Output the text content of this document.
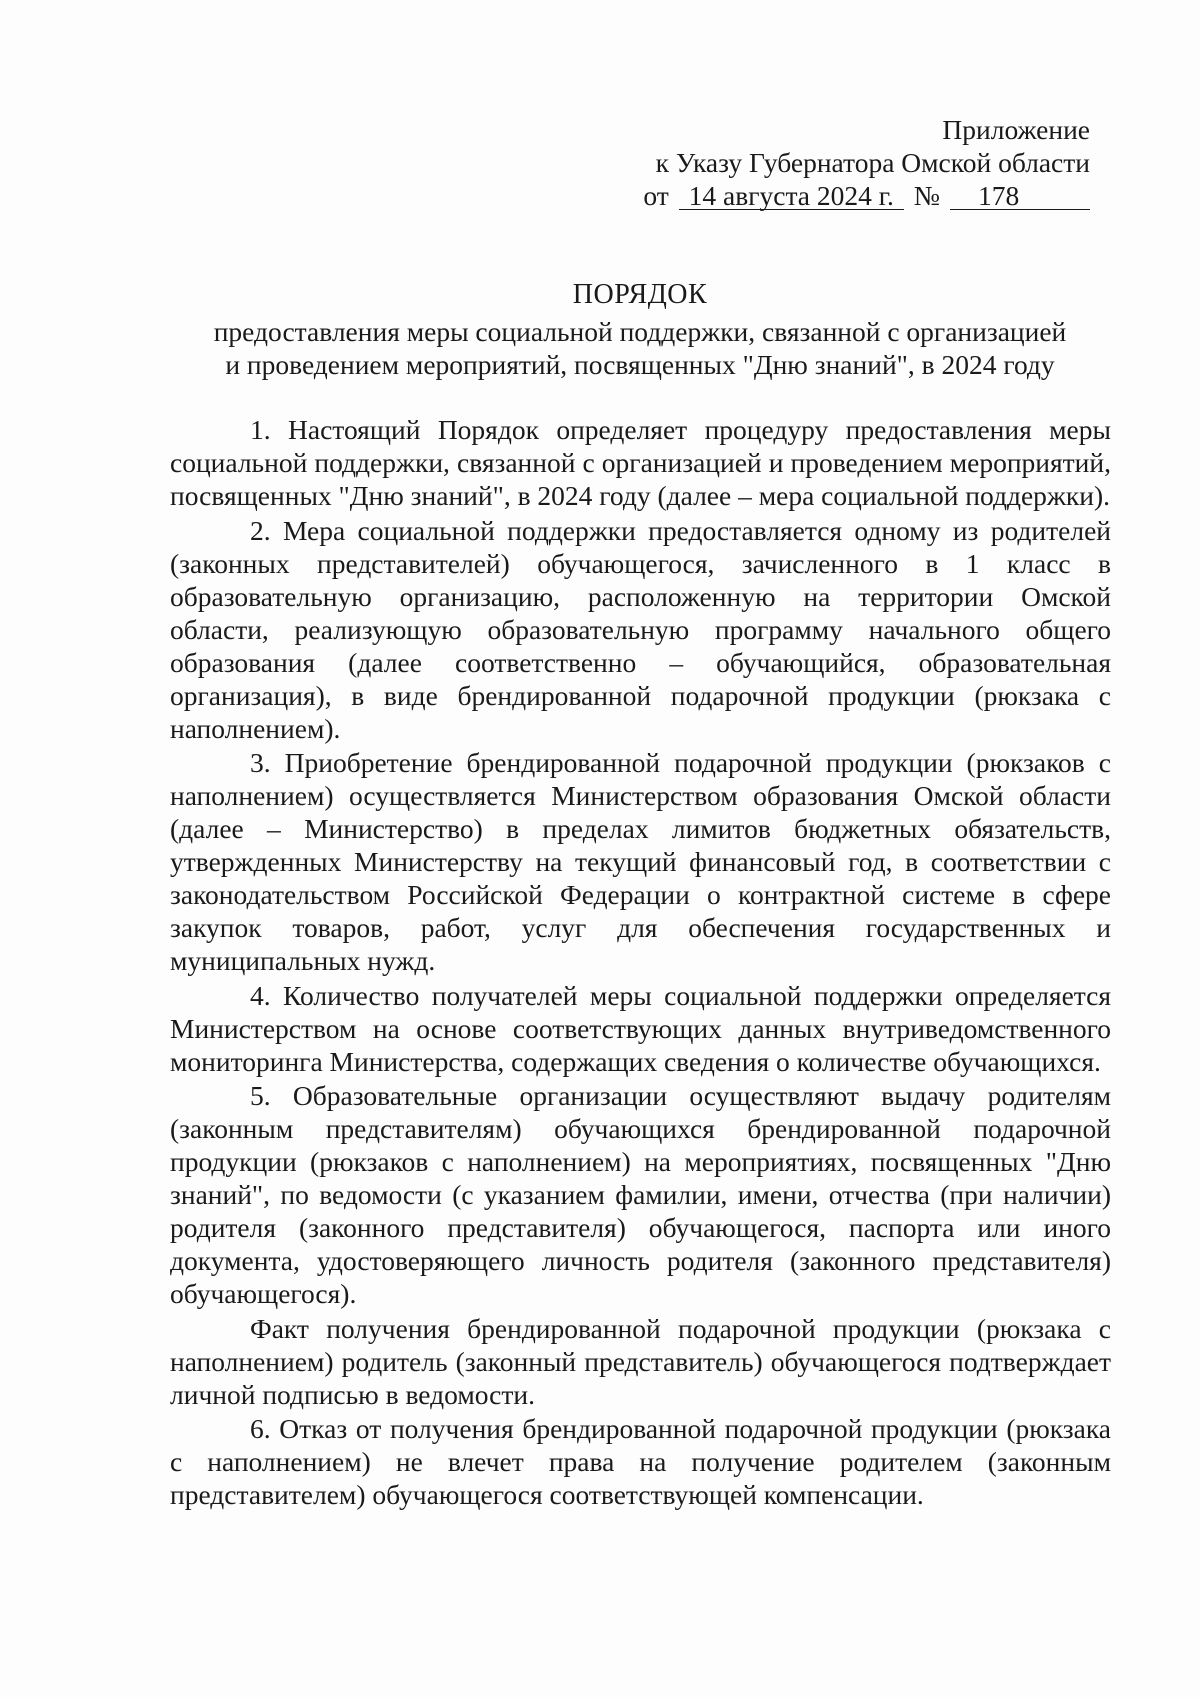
Приложение
к Указу Губернатора Омской области
от 14 августа 2024 г. №	178
ПОРЯДОК
предоставления меры социальной поддержки, связанной с организацией
и проведением мероприятий, посвященных "Дню знаний", в 2024 году

1. Настоящий Порядок определяет процедуру предоставления меры социальной поддержки, связанной с организацией и проведением мероприятий, посвященных "Дню знаний", в 2024 году (далее – мера социальной поддержки).

2. Мера социальной поддержки предоставляется одному из родителей (законных представителей) обучающегося, зачисленного в 1 класс в образовательную организацию, расположенную на территории Омской области, реализующую образовательную программу начального общего образования (далее соответственно – обучающийся, образовательная организация), в виде брендированной подарочной продукции (рюкзака с наполнением).

3. Приобретение брендированной подарочной продукции (рюкзаков с наполнением) осуществляется Министерством образования Омской области (далее – Министерство) в пределах лимитов бюджетных обязательств, утвержденных Министерству на текущий финансовый год, в соответствии с законодательством Российской Федерации о контрактной системе в сфере закупок товаров, работ, услуг для обеспечения государственных и муниципальных нужд.

4. Количество получателей меры социальной поддержки определяется Министерством на основе соответствующих данных внутриведомственного мониторинга Министерства, содержащих сведения о количестве обучающихся.

5. Образовательные организации осуществляют выдачу родителям (законным представителям) обучающихся брендированной подарочной продукции (рюкзаков с наполнением) на мероприятиях, посвященных "Дню знаний", по ведомости (с указанием фамилии, имени, отчества (при наличии) родителя (законного представителя) обучающегося, паспорта или иного документа, удостоверяющего личность родителя (законного представителя) обучающегося).

Факт получения брендированной подарочной продукции (рюкзака с наполнением) родитель (законный представитель) обучающегося подтверждает личной подписью в ведомости.

6. Отказ от получения брендированной подарочной продукции (рюкзака с наполнением) не влечет права на получение родителем (законным представителем) обучающегося соответствующей компенсации.
